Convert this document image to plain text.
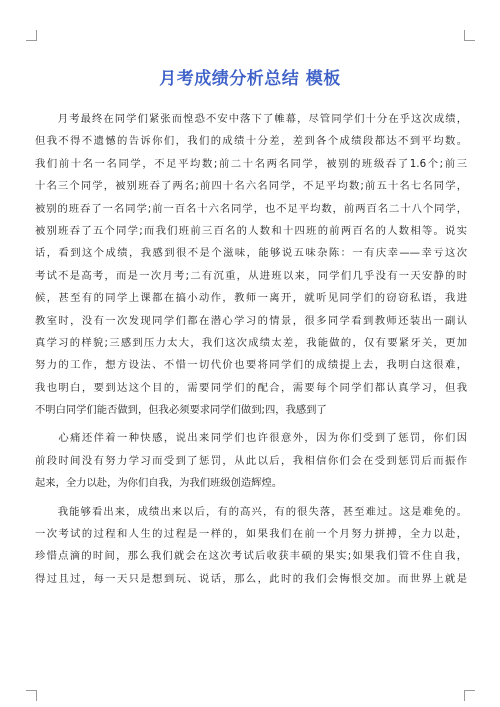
月考成绩分析总结 模板
　　月考最终在同学们紧张而惶恐不安中落下了帷幕，尽管同学们十分在乎这次成绩，
但我不得不遗憾的告诉你们，我们的成绩十分差，差到各个成绩段都达不到平均数。
我们前十名一名同学，不足平均数;前二十名两名同学，被别的班级吞了1.6个;前三
十名三个同学，被别班吞了两名;前四十名六名同学，不足平均数;前五十名七名同学，
被别的班吞了一名同学;前一百名十六名同学，也不足平均数，前两百名二十八个同学，
被别班吞了五个同学;而我们班前三百名的人数和十四班的前两百名的人数相等。说实
话，看到这个成绩，我感到很不是个滋味，能够说五味杂陈：一有庆幸——幸亏这次
考试不是高考，而是一次月考;二有沉重，从进班以来，同学们几乎没有一天安静的时
候，甚至有的同学上课都在搞小动作，教师一离开，就听见同学们的窃窃私语，我进
教室时，没有一次发现同学们都在潜心学习的情景，很多同学看到教师还装出一副认
真学习的样貌;三感到压力太大，我们这次成绩太差，我能做的，仅有要紧牙关，更加
努力的工作，想方设法、不惜一切代价也要将同学们的成绩提上去，我明白这很难，
我也明白，要到达这个目的，需要同学们的配合，需要每个同学们都认真学习，但我
不明白同学们能否做到，但我必须要求同学们做到;四，我感到了
　　心痛还伴着一种快感，说出来同学们也许很意外，因为你们受到了惩罚，你们因
前段时间没有努力学习而受到了惩罚，从此以后，我相信你们会在受到惩罚后而振作
起来，全力以赴，为你们自我，为我们班级创造辉煌。
　　我能够看出来，成绩出来以后，有的高兴，有的很失落，甚至难过。这是难免的。
一次考试的过程和人生的过程是一样的，如果我们在前一个月努力拼搏，全力以赴，
珍惜点滴的时间，那么我们就会在这次考试后收获丰硕的果实;如果我们管不住自我，
得过且过，每一天只是想到玩、说话，那么，此时的我们会悔恨交加。而世界上就是
